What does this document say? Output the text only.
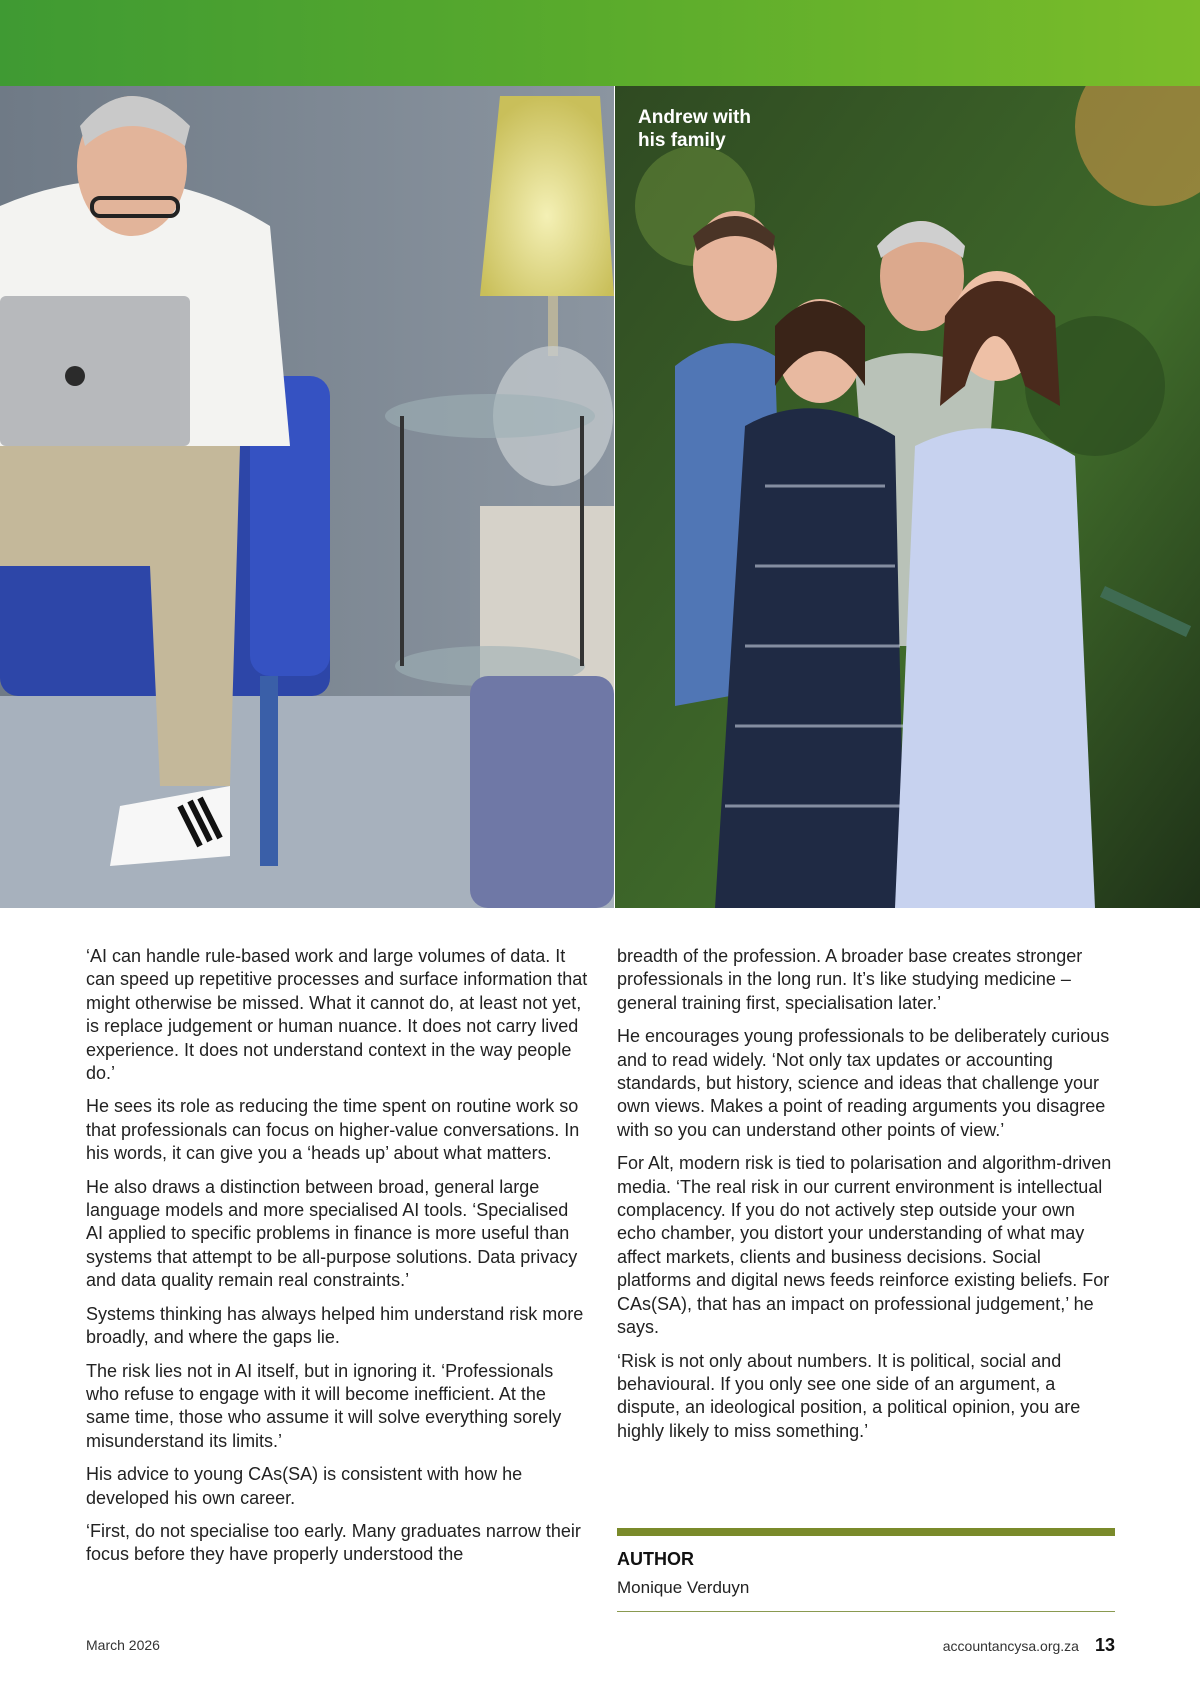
Andrew with his family

‘AI can handle rule-based work and large volumes of data. It can speed up repetitive processes and surface information that might otherwise be missed. What it cannot do, at least not yet, is replace judgement or human nuance. It does not carry lived experience. It does not understand context in the way people do.’

He sees its role as reducing the time spent on routine work so that professionals can focus on higher-value conversations. In his words, it can give you a ‘heads up’ about what matters.

He also draws a distinction between broad, general large language models and more specialised AI tools. ‘Specialised AI applied to specific problems in finance is more useful than systems that attempt to be all-purpose solutions. Data privacy and data quality remain real constraints.’

Systems thinking has always helped him understand risk more broadly, and where the gaps lie.

The risk lies not in AI itself, but in ignoring it. ‘Professionals who refuse to engage with it will become inefficient. At the same time, those who assume it will solve everything sorely misunderstand its limits.’

His advice to young CAs(SA) is consistent with how he developed his own career.

‘First, do not specialise too early. Many graduates narrow their focus before they have properly understood the

breadth of the profession. A broader base creates stronger professionals in the long run. It’s like studying medicine – general training first, specialisation later.’

He encourages young professionals to be deliberately curious and to read widely. ‘Not only tax updates or accounting standards, but history, science and ideas that challenge your own views. Makes a point of reading arguments you disagree with so you can understand other points of view.’

For Alt, modern risk is tied to polarisation and algorithm-driven media. ‘The real risk in our current environment is intellectual complacency. If you do not actively step outside your own echo chamber, you distort your understanding of what may affect markets, clients and business decisions. Social platforms and digital news feeds reinforce existing beliefs. For CAs(SA), that has an impact on professional judgement,’ he says.

‘Risk is not only about numbers. It is political, social and behavioural. If you only see one side of an argument, a dispute, an ideological position, a political opinion, you are highly likely to miss something.’

AUTHOR
Monique Verduyn
March 2026	accountancysa.org.za 13
